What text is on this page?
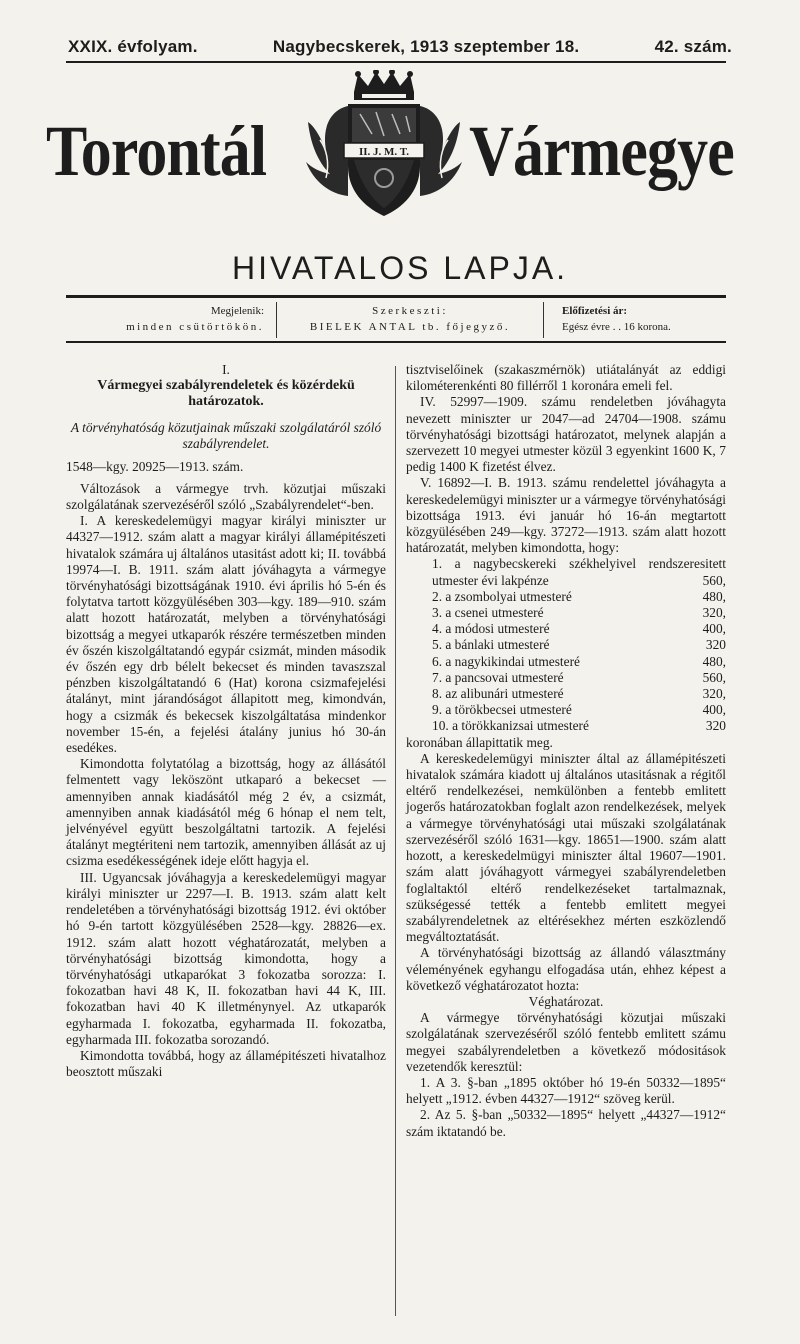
XXIX. évfolyam.	Nagybecskerek, 1913 szeptember 18.	42. szám.
Torontál	II. J. M. T. Vármegye
HIVATALOS LAPJA.
Megjelenik:
minden csütörtökön.
Szerkeszti:
BIELEK ANTAL tb. főjegyző.
Előfizetési ár:
Egész évre . . 16 korona.

I.

Vármegyei szabályrendeletek és közérdekü határozatok.

A törvényhatóság közutjainak műszaki szolgálatáról szóló szabályrendelet.

1548—kgy. 20925—1913. szám.

Változások a vármegye trvh. közutjai műszaki szolgálatának szervezéséről szóló „Szabályrendelet“-ben.

I. A kereskedelemügyi magyar királyi miniszter ur 44327—1912. szám alatt a magyar királyi államépitészeti hivatalok számára uj általános utasitást adott ki; II. továbbá 19974—I. B. 1911. szám alatt jóváhagyta a vármegye törvényhatósági bizottságának 1910. évi április hó 5-én és folytatva tartott közgyülésében 303—kgy. 189—910. szám alatt hozott határozatát, melyben a törvényhatósági bizottság a megyei utkaparók részére természetben minden év őszén kiszolgáltatandó egypár csizmát, minden második év őszén egy drb bélelt bekecset és minden tavaszszal pénzben kiszolgáltatandó 6 (Hat) korona csizmafejelési átalányt, mint járandóságot állapitott meg, kimondván, hogy a csizmák és bekecsek kiszolgáltatása mindenkor november 15-én, a fejelési átalány junius hó 30-án esedékes.

Kimondotta folytatólag a bizottság, hogy az állásától felmentett vagy leköszönt utkaparó a bekecset — amennyiben annak kiadásától még 2 év, a csizmát, amennyiben annak kiadásától még 6 hónap el nem telt, jelvényével együtt beszolgáltatni tartozik. A fejelési átalányt megtériteni nem tartozik, amennyiben állását az uj csizma esedékességének ideje előtt hagyja el.

III. Ugyancsak jóváhagyja a kereskedelemügyi magyar királyi miniszter ur 2297—I. B. 1913. szám alatt kelt rendeletében a törvényhatósági bizottság 1912. évi október hó 9-én tartott közgyülésében 2528—kgy. 28826—ex. 1912. szám alatt hozott véghatározatát, melyben a törvényhatósági bizottság kimondotta, hogy a törvényhatósági utkaparókat 3 fokozatba sorozza: I. fokozatban havi 48 K, II. fokozatban havi 44 K, III. fokozatban havi 40 K illetménynyel. Az utkaparók egyharmada I. fokozatba, egyharmada II. fokozatba, egyharmada III. fokozatba sorozandó.

Kimondotta továbbá, hogy az államépitészeti hivatalhoz beosztott műszaki

tisztviselőinek (szakaszmérnök) utiátalányát az eddigi kilométerenkénti 80 fillérről 1 koronára emeli fel.

IV. 52997—1909. számu rendeletben jóváhagyta nevezett miniszter ur 2047—ad 24704—1908. számu törvényhatósági bizottsági határozatot, melynek alapján a szervezett 10 megyei utmester közül 3 egyenkint 1600 K, 7 pedig 1400 K fizetést élvez.

V. 16892—I. B. 1913. számu rendelettel jóváhagyta a kereskedelemügyi miniszter ur a vármegye törvényhatósági bizottsága 1913. évi január hó 16-án megtartott közgyülésében 249—kgy. 37272—1913. szám alatt hozott határozatát, melyben kimondotta, hogy:

1. a nagybecskereki székhelyivel rendszeresitett utmester évi lakpénze	560,
2. a zsombolyai utmesteré	480,
3. a csenei utmesteré	320,
4. a módosi utmesteré	400,
5. a bánlaki utmesteré	320
6. a nagykikindai utmesteré	480,
7. a pancsovai utmesteré	560,
8. az alibunári utmesteré	320,
9. a törökbecsei utmesteré	400,
10. a törökkanizsai utmesteré	320

koronában állapittatik meg.

A kereskedelemügyi miniszter által az államépitészeti hivatalok számára kiadott uj általános utasitásnak a régitől eltérő rendelkezései, nemkülönben a fentebb emlitett jogerős határozatokban foglalt azon rendelkezések, melyek a vármegye törvényhatósági utai műszaki szolgálatának szervezéséről szóló 1631—kgy. 18651—1900. szám alatt hozott, a kereskedelmügyi miniszter által 19607—1901. szám alatt jóváhagyott vármegyei szabályrendeletben foglaltaktól eltérő rendelkezéseket tartalmaznak, szükségessé tették a fentebb emlitett megyei szabályrendeletnek az eltérésekhez mérten eszközlendő megváltoztatását.

A törvényhatósági bizottság az állandó választmány véleményének egyhangu elfogadása után, ehhez képest a következő véghatározatot hozta:

Véghatározat.

A vármegye törvényhatósági közutjai műszaki szolgálatának szervezéséről szóló fentebb emlitett számu megyei szabályrendeletben a következő módositások vezetendők keresztül:

1. A 3. §-ban „1895 október hó 19-én 50332—1895“ helyett „1912. évben 44327—1912“ szöveg kerül.

2. Az 5. §-ban „50332—1895“ helyett „44327—1912“ szám iktatandó be.
